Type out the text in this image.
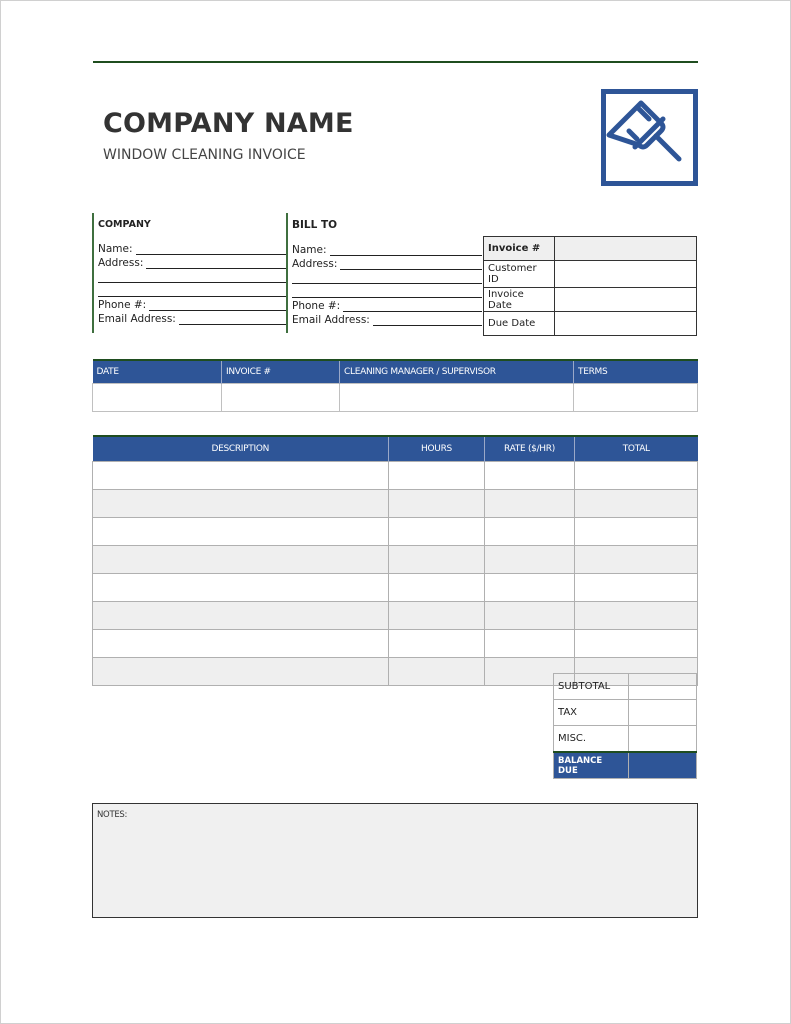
COMPANY NAME
WINDOW CLEANING INVOICE
COMPANY
Name:
Address:
Phone #:
Email Address:
BILL TO
Name:
Address:
Phone #:
Email Address:
Invoice #	
Customer ID	
Invoice Date	
Due Date	
DATE	INVOICE #	CLEANING MANAGER / SUPERVISOR	TERMS

DESCRIPTION	HOURS	RATE ($/HR)	TOTAL

SUBTOTAL	
TAX	
MISC.	
BALANCE DUE	
NOTES:
